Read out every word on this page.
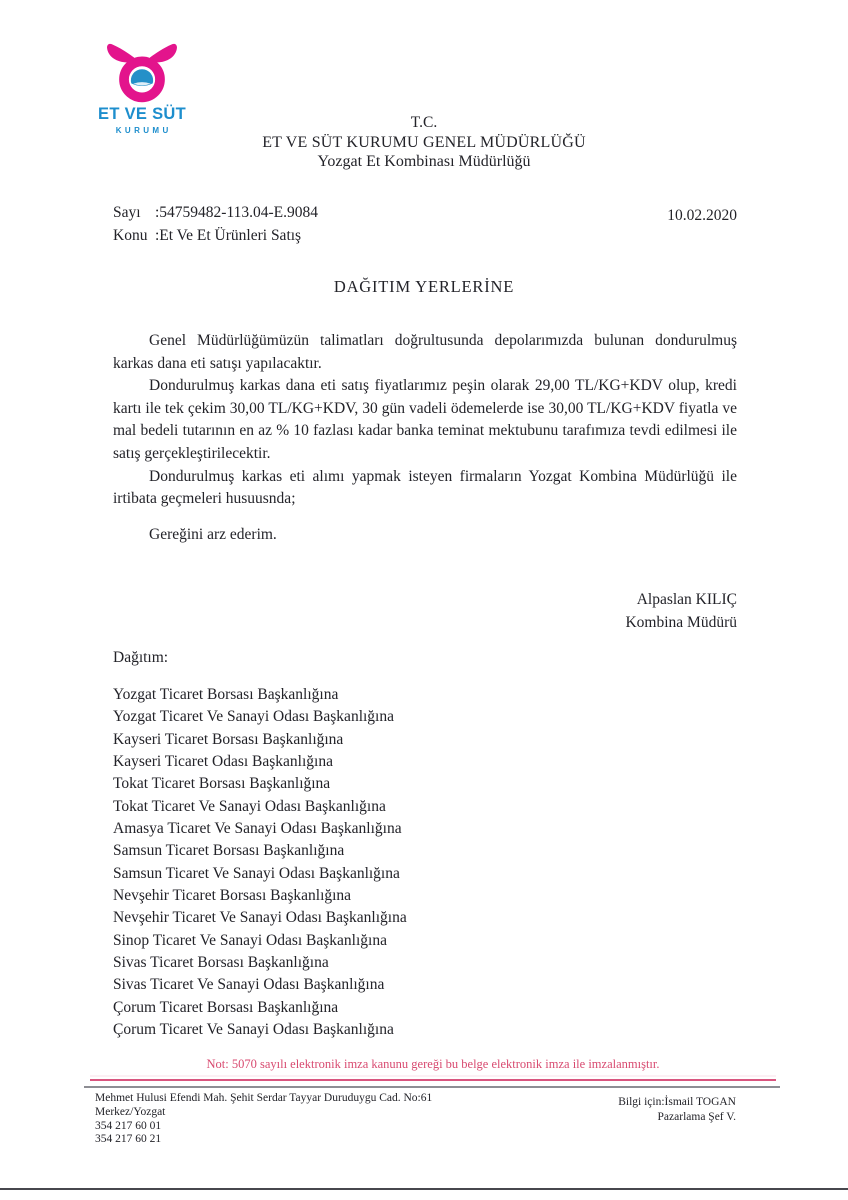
ET VE SÜT
KURUMU	T.C.
ET VE SÜT KURUMU GENEL MÜDÜRLÜĞÜ
Yozgat Et Kombinası Müdürlüğü
Sayı :54759482-113.04-E.9084
Konu :Et Ve Et Ürünleri Satış
10.02.2020
DAĞITIM YERLERİNE

Genel Müdürlüğümüzün talimatları doğrultusunda depolarımızda bulunan dondurulmuş karkas dana eti satışı yapılacaktır.

Dondurulmuş karkas dana eti satış fiyatlarımız peşin olarak 29,00 TL/KG+KDV olup, kredi kartı ile tek çekim 30,00 TL/KG+KDV, 30 gün vadeli ödemelerde ise 30,00 TL/KG+KDV fiyatla ve mal bedeli tutarının en az % 10 fazlası kadar banka teminat mektubunu tarafımıza tevdi edilmesi ile satış gerçekleştirilecektir.

Dondurulmuş karkas eti alımı yapmak isteyen firmaların Yozgat Kombina Müdürlüğü ile irtibata geçmeleri husuusnda;

Gereğini arz ederim.

Alpaslan KILIÇ
Kombina Müdürü
Dağıtım:
Yozgat Ticaret Borsası Başkanlığına
Yozgat Ticaret Ve Sanayi Odası Başkanlığına
Kayseri Ticaret Borsası Başkanlığına
Kayseri Ticaret Odası Başkanlığına
Tokat Ticaret Borsası Başkanlığına
Tokat Ticaret Ve Sanayi Odası Başkanlığına
Amasya Ticaret Ve Sanayi Odası Başkanlığına
Samsun Ticaret Borsası Başkanlığına
Samsun Ticaret Ve Sanayi Odası Başkanlığına
Nevşehir Ticaret Borsası Başkanlığına
Nevşehir Ticaret Ve Sanayi Odası Başkanlığına
Sinop Ticaret Ve Sanayi Odası Başkanlığına
Sivas Ticaret Borsası Başkanlığına
Sivas Ticaret Ve Sanayi Odası Başkanlığına
Çorum Ticaret Borsası Başkanlığına
Çorum Ticaret Ve Sanayi Odası Başkanlığına
Not: 5070 sayılı elektronik imza kanunu gereği bu belge elektronik imza ile imzalanmıştır.
Mehmet Hulusi Efendi Mah. Şehit Serdar Tayyar Duruduygu Cad. No:61
Merkez/Yozgat
354 217 60 01
354 217 60 21
Bilgi için:İsmail TOGAN
Pazarlama Şef V.
